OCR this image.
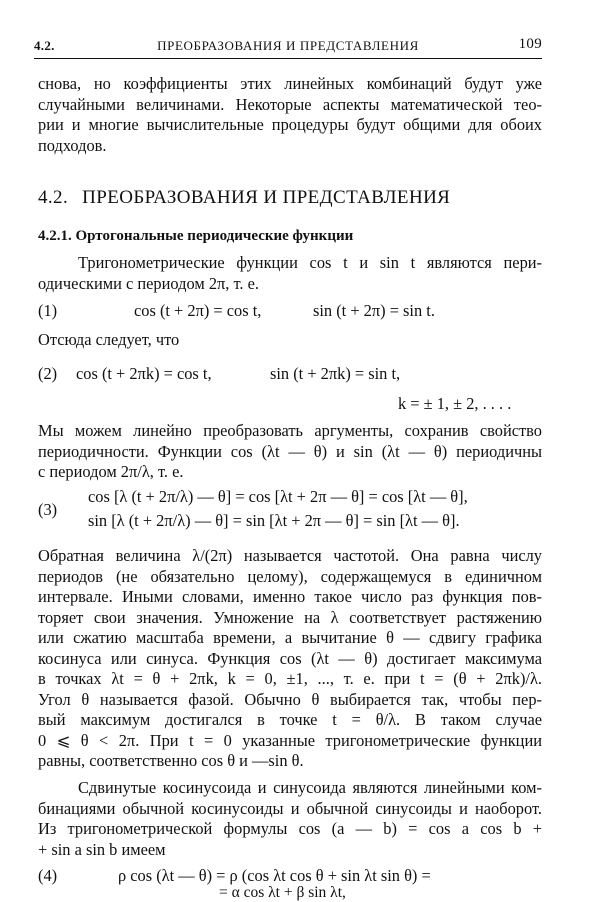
4.2.	ПРЕОБРАЗОВАНИЯ И ПРЕДСТАВЛЕНИЯ	109

снова, но коэффициенты этих линейных комбинаций будут уже

случайными величинами. Некоторые аспекты математической тео-

рии и многие вычислительные процедуры будут общими для обоих

подходов.

4.2. ПРЕОБРАЗОВАНИЯ И ПРЕДСТАВЛЕНИЯ
4.2.1. Ортогональные периодические функции

Тригонометрические функции cos t и sin t являются пери-

одическими с периодом 2π, т. е.

(1)	cos (t + 2π) = cos t,	sin (t + 2π) = sin t.

Отсюда следует, что

(2) cos (t + 2πk) = cos t,	sin (t + 2πk) = sin t,
k = ± 1, ± 2, . . . .

Мы можем линейно преобразовать аргументы, сохранив свойство

периодичности. Функции cos (λt — θ) и sin (λt — θ) периодичны

с периодом 2π/λ, т. е.

(3)
cos [λ (t + 2π/λ) — θ] = cos [λt + 2π — θ] = cos [λt — θ],
sin [λ (t + 2π/λ) — θ] = sin [λt + 2π — θ] = sin [λt — θ].

Обратная величина λ/(2π) называется частотой. Она равна числу

периодов (не обязательно целому), содержащемуся в единичном

интервале. Иными словами, именно такое число раз функция пов-

торяет свои значения. Умножение на λ соответствует растяжению

или сжатию масштаба времени, а вычитание θ — сдвигу графика

косинуса или синуса. Функция cos (λt — θ) достигает максимума

в точках λt = θ + 2πk, k = 0, ±1, ..., т. е. при t = (θ + 2πk)/λ.

Угол θ называется фазой. Обычно θ выбирается так, чтобы пер-

вый максимум достигался в точке t = θ/λ. В таком случае

0 ⩽ θ < 2π. При t = 0 указанные тригонометрические функции

равны, соответственно cos θ и —sin θ.

Сдвинутые косинусоида и синусоида являются линейными ком-

бинациями обычной косинусоиды и обычной синусоиды и наоборот.

Из тригонометрической формулы cos (a — b) = cos a cos b +

+ sin a sin b имеем

(4)	ρ cos (λt — θ) = ρ (cos λt cos θ + sin λt sin θ) =
= α cos λt + β sin λt,
